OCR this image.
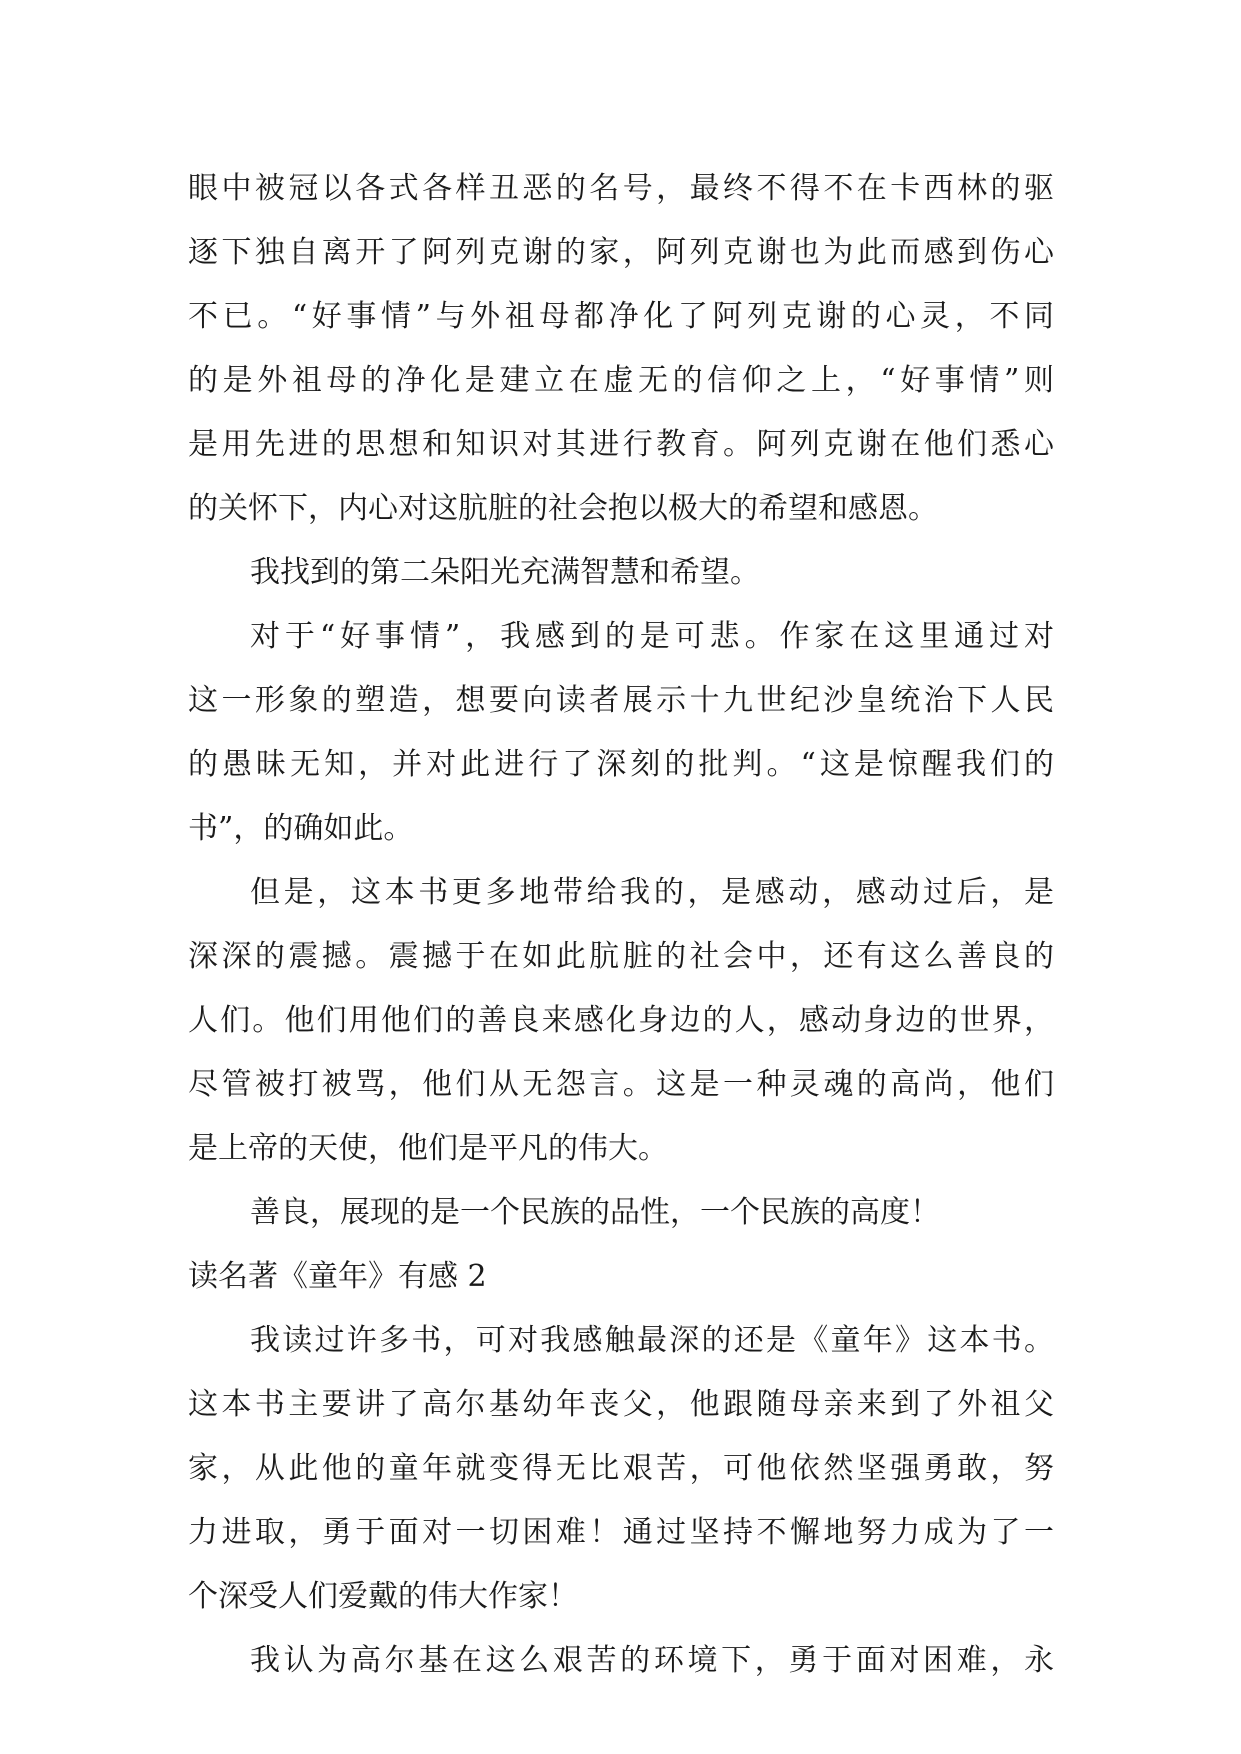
眼中被冠以各式各样丑恶的名号，最终不得不在卡西林的驱
逐下独自离开了阿列克谢的家，阿列克谢也为此而感到伤心
不已。“好事情”与外祖母都净化了阿列克谢的心灵，不同
的是外祖母的净化是建立在虚无的信仰之上，“好事情”则
是用先进的思想和知识对其进行教育。阿列克谢在他们悉心
的关怀下，内心对这肮脏的社会抱以极大的希望和感恩。
我找到的第二朵阳光充满智慧和希望。
对于“好事情”，我感到的是可悲。作家在这里通过对
这一形象的塑造，想要向读者展示十九世纪沙皇统治下人民
的愚昧无知，并对此进行了深刻的批判。“这是惊醒我们的
书”，的确如此。
但是，这本书更多地带给我的，是感动，感动过后，是
深深的震撼。震撼于在如此肮脏的社会中，还有这么善良的
人们。他们用他们的善良来感化身边的人，感动身边的世界，
尽管被打被骂，他们从无怨言。这是一种灵魂的高尚，他们
是上帝的天使，他们是平凡的伟大。
善良，展现的是一个民族的品性，一个民族的高度！
读名著《童年》有感 2
我读过许多书，可对我感触最深的还是《童年》这本书。
这本书主要讲了高尔基幼年丧父，他跟随母亲来到了外祖父
家，从此他的童年就变得无比艰苦，可他依然坚强勇敢，努
力进取，勇于面对一切困难！通过坚持不懈地努力成为了一
个深受人们爱戴的伟大作家！
我认为高尔基在这么艰苦的环境下，勇于面对困难，永
